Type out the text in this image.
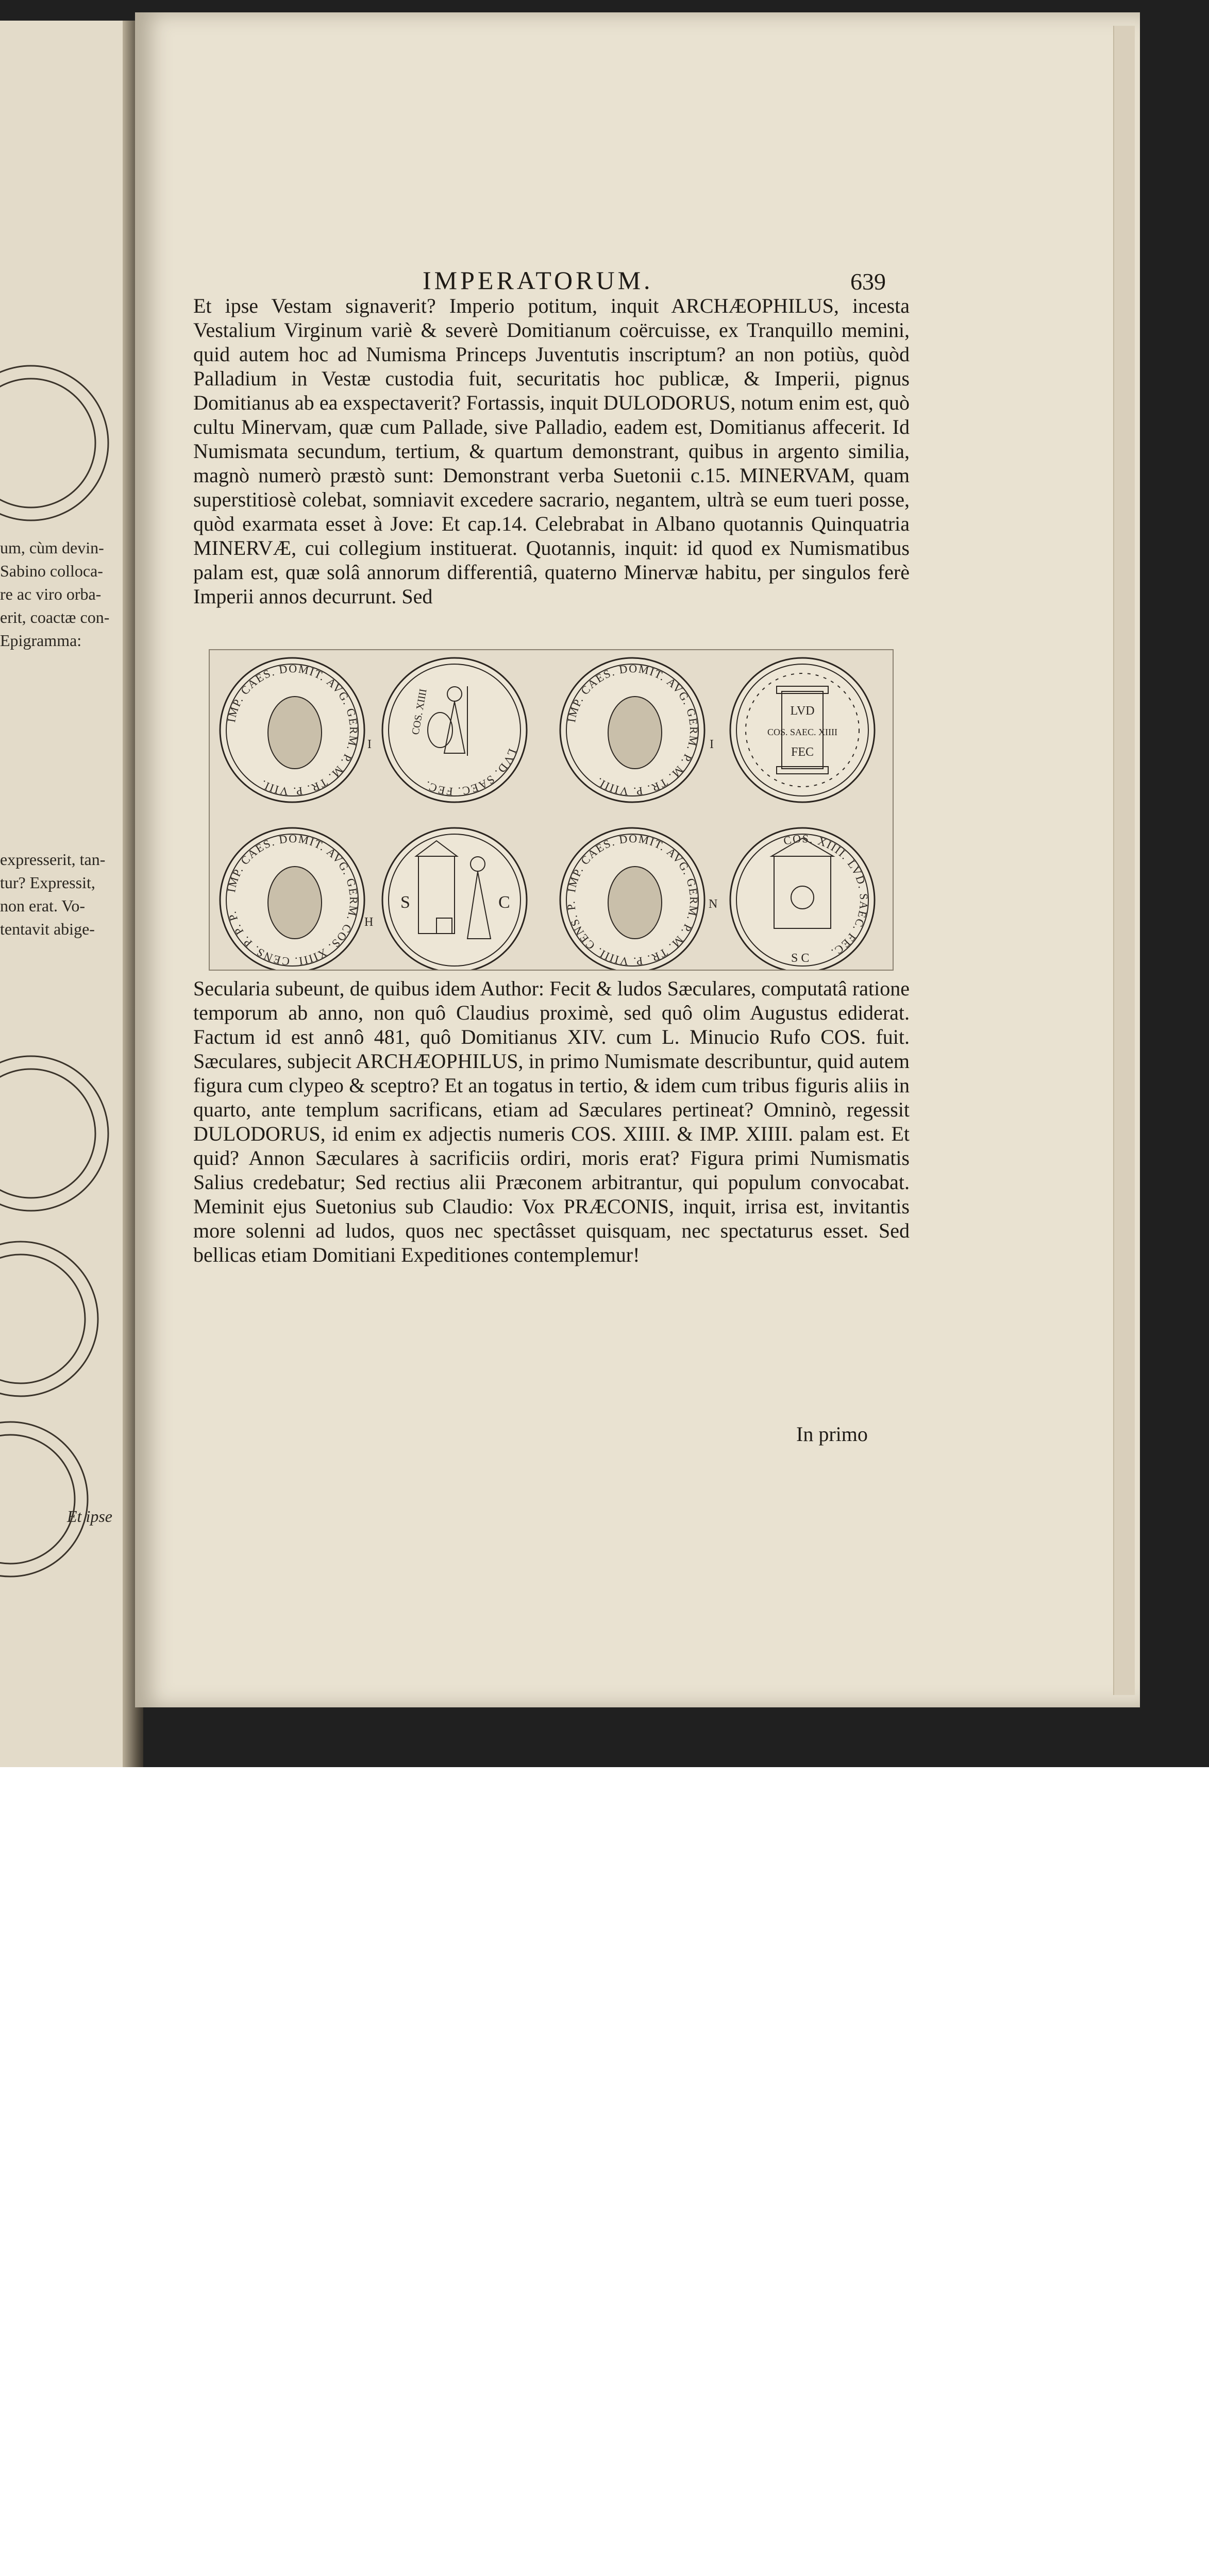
um, cùm devin-
Sabino colloca-
re ac viro orba-
erit, coactæ con-
Epigramma:
expresserit, tan-
tur? Expressit,
non erat. Vo-
tentavit abige-
Et ipse
IMPERATORUM.	639
Et ipse Vestam signaverit? Imperio potitum, inquit ARCHÆOPHILUS, incesta Vestalium Virginum variè & severè Domitianum coërcuisse, ex Tranquillo memini, quid autem hoc ad Numisma Princeps Juventutis inscriptum? an non potiùs, quòd Palladium in Vestæ custodia fuit, securitatis hoc publicæ, & Imperii, pignus Domitianus ab ea exspectaverit? Fortassis, inquit DULODORUS, notum enim est, quò cultu Minervam, quæ cum Pallade, sive Palladio, eadem est, Domitianus affecerit. Id Numismata secundum, tertium, & quartum demonstrant, quibus in argento similia, magnò numerò præstò sunt: Demonstrant verba Suetonii c.15. MINERVAM, quam superstitiosè colebat, somniavit excedere sacrario, negantem, ultrà se eum tueri posse, quòd exarmata esset à Jove: Et cap.14. Celebrabat in Albano quotannis Quinquatria MINERVÆ, cui collegium instituerat. Quotannis, inquit: id quod ex Numismatibus palam est, quæ solâ annorum differentiâ, quaterno Minervæ habitu, per singulos ferè Imperii annos decurrunt. Sed
IMP. CAES. DOMIT. AVG. GERM. P. M. TR. P. VIII.
LVD. SAEC. FEC.
IMP. CAES. DOMIT. AVG. GERM. P. M. TR. P. VIIII.
IMP. CAES. DOMIT. AVG. GERM. COS. XIIII. CENS. P. P. P.
IMP. CAES. DOMIT. AVG. GERM. P. M. TR. P. VIIII. CENS. P.
COS. XIIII. LVD. SAEC. FEC.
COS. XIIII	LVD
COS. SAEC. XIIII
FEC
S	C
S C
I	I
H
N
Secularia subeunt, de quibus idem Author: Fecit & ludos Sæculares, computatâ ratione temporum ab anno, non quô Claudius proximè, sed quô olim Augustus ediderat. Factum id est annô 481, quô Domitianus XIV. cum L. Minucio Rufo COS. fuit. Sæculares, subjecit ARCHÆOPHILUS, in primo Numismate describuntur, quid autem figura cum clypeo & sceptro? Et an togatus in tertio, & idem cum tribus figuris aliis in quarto, ante templum sacrificans, etiam ad Sæculares pertineat? Omninò, regessit DULODORUS, id enim ex adjectis numeris COS. XIIII. & IMP. XIIII. palam est. Et quid? Annon Sæculares à sacrificiis ordiri, moris erat? Figura primi Numismatis Salius credebatur; Sed rectius alii Præconem arbitrantur, qui populum convocabat. Meminit ejus Suetonius sub Claudio: Vox PRÆCONIS, inquit, irrisa est, invitantis more solenni ad ludos, quos nec spectâsset quisquam, nec spectaturus esset. Sed bellicas etiam Domitiani Expeditiones contemplemur!
In primo
